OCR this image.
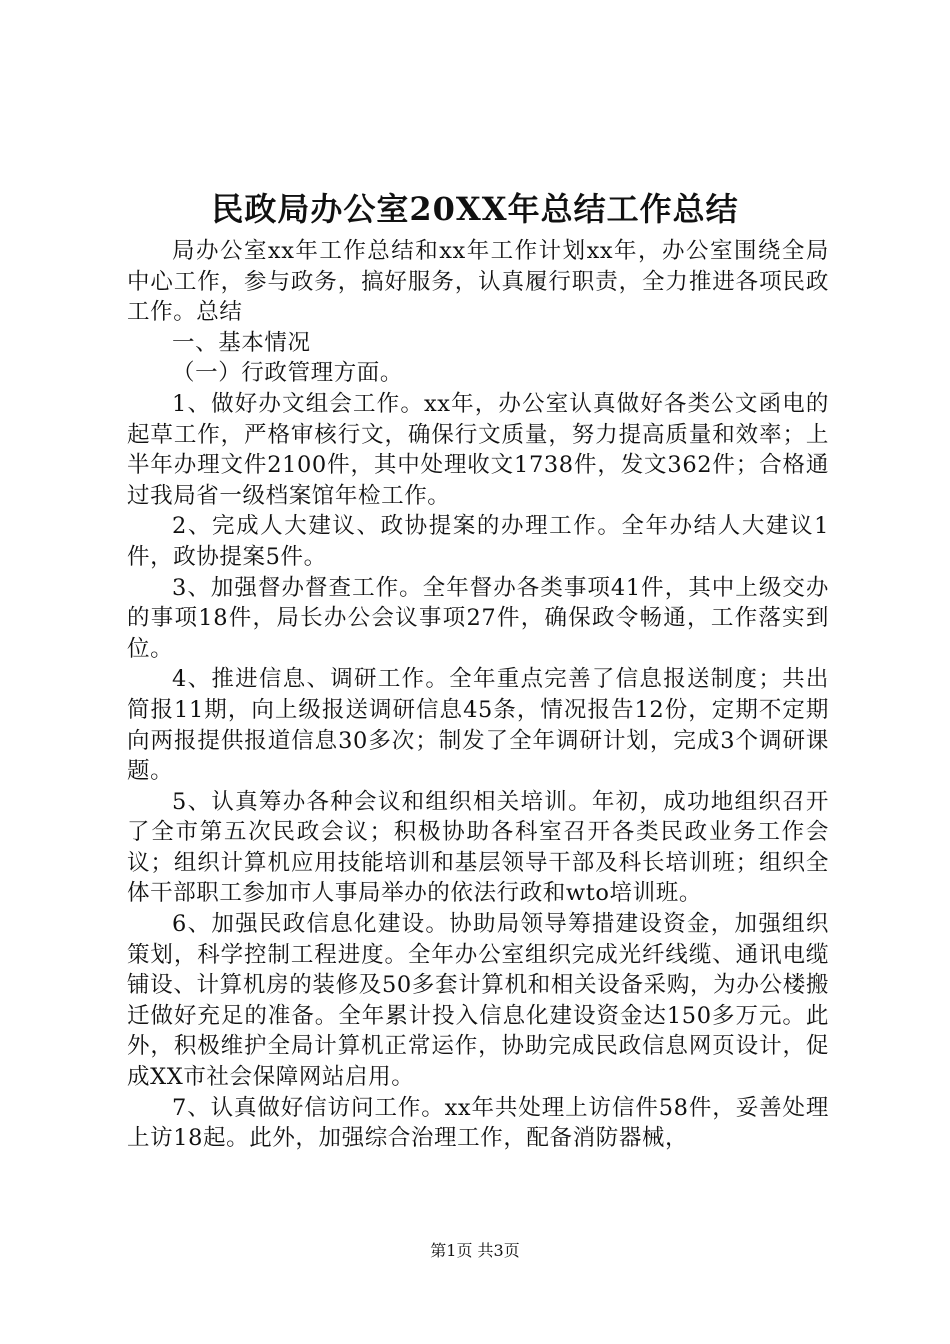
民政局办公室20XX年总结工作总结

局办公室xx年工作总结和xx年工作计划xx年，办公室围绕全局中心工作，参与政务，搞好服务，认真履行职责，全力推进各项民政工作。总结

一、基本情况

（一）行政管理方面。

1、做好办文组会工作。xx年，办公室认真做好各类公文函电的起草工作，严格审核行文，确保行文质量，努力提高质量和效率；上半年办理文件2100件，其中处理收文1738件，发文362件；合格通过我局省一级档案馆年检工作。

2、完成人大建议、政协提案的办理工作。全年办结人大建议1件，政协提案5件。

3、加强督办督查工作。全年督办各类事项41件，其中上级交办的事项18件，局长办公会议事项27件，确保政令畅通，工作落实到位。

4、推进信息、调研工作。全年重点完善了信息报送制度；共出简报11期，向上级报送调研信息45条，情况报告12份，定期不定期向两报提供报道信息30多次；制发了全年调研计划，完成3个调研课题。

5、认真筹办各种会议和组织相关培训。年初，成功地组织召开了全市第五次民政会议；积极协助各科室召开各类民政业务工作会议；组织计算机应用技能培训和基层领导干部及科长培训班；组织全体干部职工参加市人事局举办的依法行政和wto培训班。

6、加强民政信息化建设。协助局领导筹措建设资金，加强组织策划，科学控制工程进度。全年办公室组织完成光纤线缆、通讯电缆铺设、计算机房的装修及50多套计算机和相关设备采购，为办公楼搬迁做好充足的准备。全年累计投入信息化建设资金达150多万元。此外，积极维护全局计算机正常运作，协助完成民政信息网页设计，促成XX市社会保障网站启用。

7、认真做好信访问工作。xx年共处理上访信件58件，妥善处理上访18起。此外，加强综合治理工作，配备消防器械，

第1页 共3页
